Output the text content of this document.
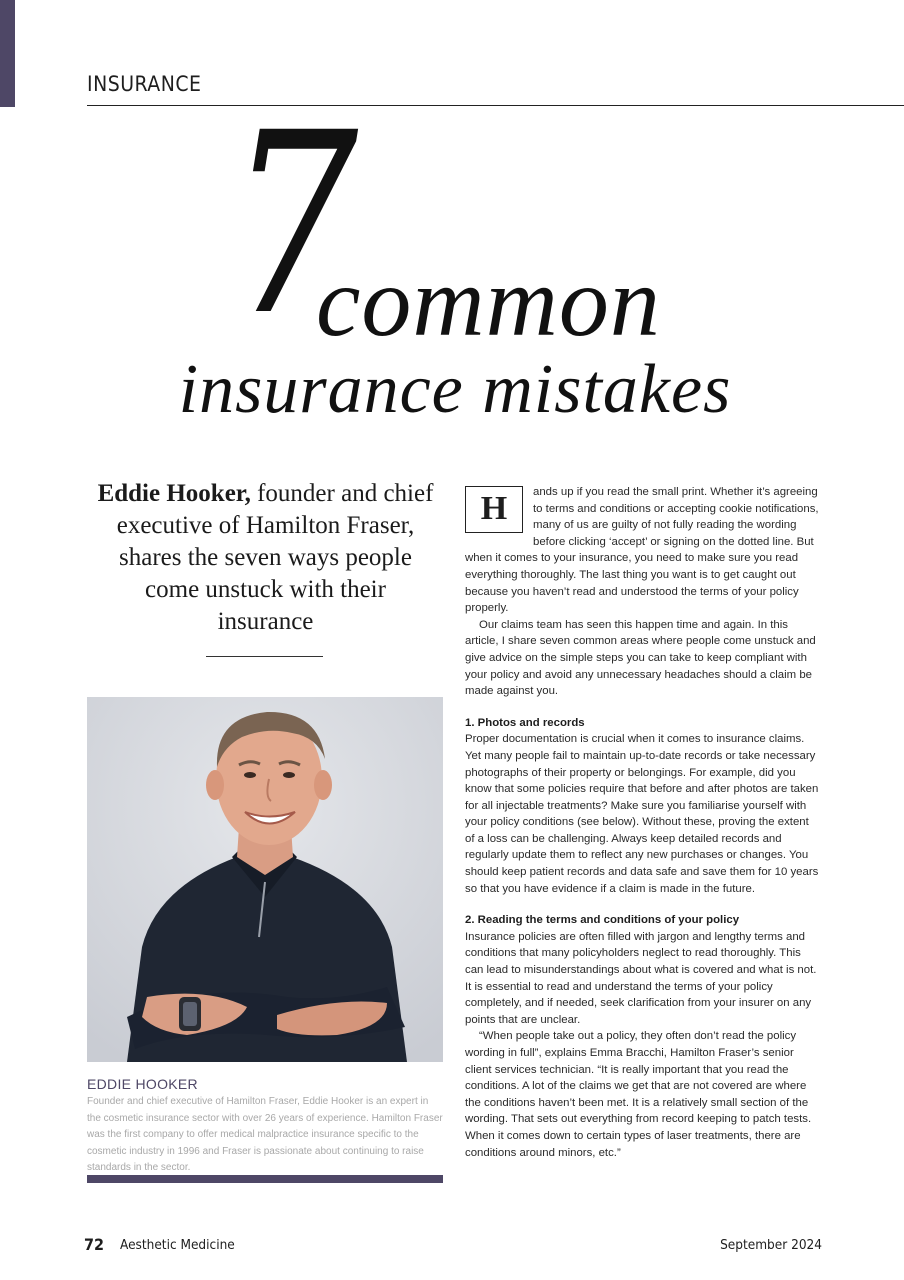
INSURANCE 7
common
insurance mistakes
Eddie Hooker, founder and chief executive of Hamilton Fraser, shares the seven ways people come unstuck with their insurance
EDDIE HOOKER
Founder and chief executive of Hamilton Fraser, Eddie Hooker is an expert in the cosmetic insurance sector with over 26 years of experience. Hamilton Fraser was the first company to offer medical malpractice insurance specific to the cosmetic industry in 1996 and Fraser is passionate about continuing to raise standards in the sector.
H	ands up if you read the small print. Whether it’s agreeing to terms and conditions or accepting cookie notifications, many of us are guilty of not fully reading the wording before clicking ‘accept’ or signing on the dotted line. But when it comes to your insurance, you need to make sure you read everything thoroughly. The last thing you want is to get caught out because you haven’t read and understood the terms of your policy properly.

Our claims team has seen this happen time and again. In this article, I share seven common areas where people come unstuck and give advice on the simple steps you can take to keep compliant with your policy and avoid any unnecessary headaches should a claim be made against you.

1. Photos and records

Proper documentation is crucial when it comes to insurance claims. Yet many people fail to maintain up-to-date records or take necessary photographs of their property or belongings. For example, did you know that some policies require that before and after photos are taken for all injectable treatments? Make sure you familiarise yourself with your policy conditions (see below). Without these, proving the extent of a loss can be challenging. Always keep detailed records and regularly update them to reflect any new purchases or changes. You should keep patient records and data safe and save them for 10 years so that you have evidence if a claim is made in the future.

2. Reading the terms and conditions of your policy

Insurance policies are often filled with jargon and lengthy terms and conditions that many policyholders neglect to read thoroughly. This can lead to misunderstandings about what is covered and what is not. It is essential to read and understand the terms of your policy completely, and if needed, seek clarification from your insurer on any points that are unclear.

“When people take out a policy, they often don’t read the policy wording in full”, explains Emma Bracchi, Hamilton Fraser’s senior client services technician. “It is really important that you read the conditions. A lot of the claims we get that are not covered are where the conditions haven’t been met. It is a relatively small section of the wording. That sets out everything from record keeping to patch tests. When it comes down to certain types of laser treatments, there are conditions around minors, etc.”

72 Aesthetic Medicine	September 2024
